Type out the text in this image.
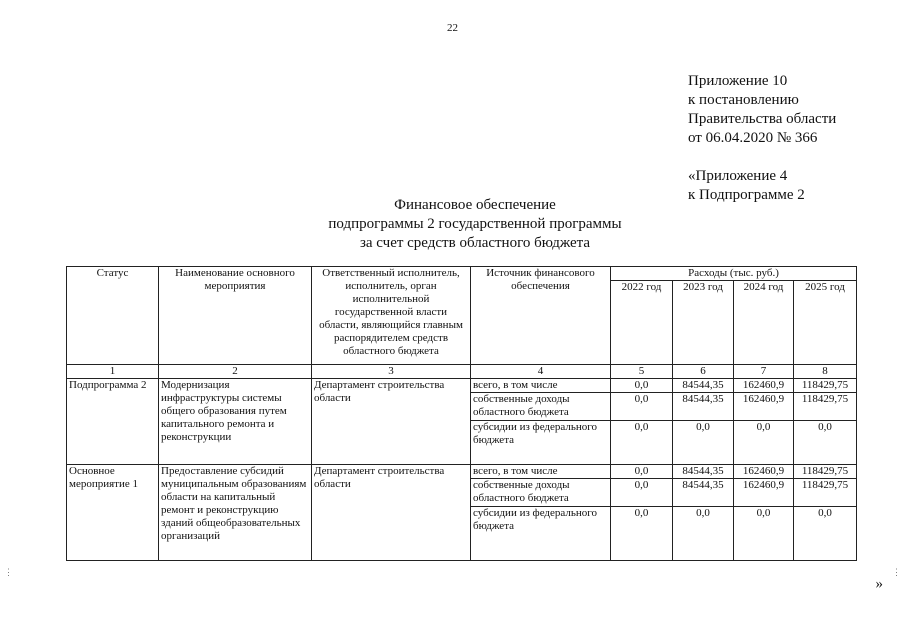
22
Приложение 10
к постановлению
Правительства области
от 06.04.2020 № 366
«Приложение 4
к Подпрограмме 2
Финансовое обеспечение
подпрограммы 2 государственной программы
за счет средств областного бюджета
Статус	Наименование основного мероприятия	Ответственный исполнитель, исполнитель, орган исполнительной государственной власти области, являющийся главным распорядителем средств областного бюджета	Источник финансового обеспечения	Расходы (тыс. руб.)			
				2022 год	2023 год	2024 год	2025 год
1	2	3	4	5	6	7	8
Подпрограмма 2	Модернизация инфраструктуры системы общего образования путем капитального ремонта и реконструкции	Департамент строительства области	всего, в том числе	0,0	84544,35	162460,9	118429,75
			собственные доходы областного бюджета	0,0	84544,35	162460,9	118429,75
			субсидии из федерального бюджета	0,0	0,0	0,0	0,0
Основное мероприятие 1	Предоставление субсидий муниципальным образованиям области на капитальный ремонт и реконструкцию зданий общеобразовательных организаций	Департамент строительства области	всего, в том числе	0,0	84544,35	162460,9	118429,75
			собственные доходы областного бюджета	0,0	84544,35	162460,9	118429,75
			субсидии из федерального бюджета	0,0	0,0	0,0	0,0
»
⋮	⋮
